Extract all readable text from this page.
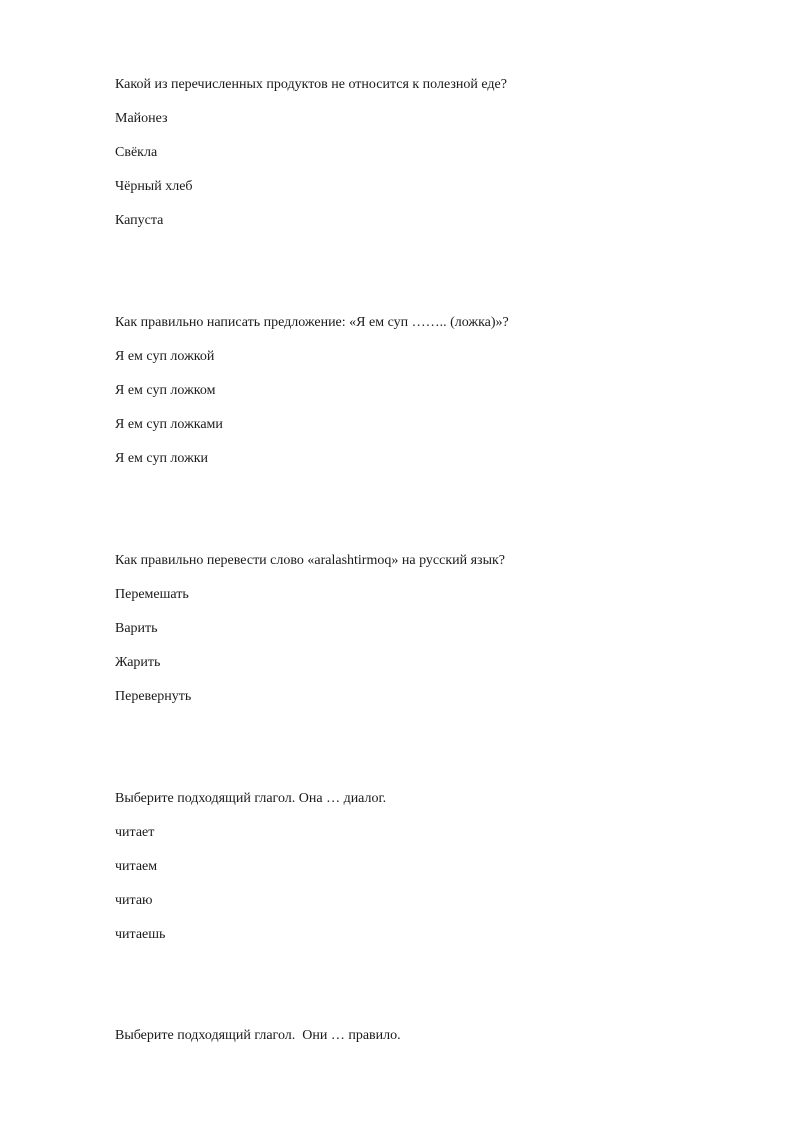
Какой из перечисленных продуктов не относится к полезной еде?

Майонез

Свёкла

Чёрный хлеб

Капуста

Как правильно написать предложение: «Я ем суп …….. (ложка)»?

Я ем суп ложкой

Я ем суп ложком

Я ем суп ложками

Я ем суп ложки

Как правильно перевести слово «aralashtirmoq» на русский язык?

Перемешать

Варить

Жарить

Перевернуть

Выберите подходящий глагол. Она … диалог.

читает

читаем

читаю

читаешь

Выберите подходящий глагол.  Они … правило.
